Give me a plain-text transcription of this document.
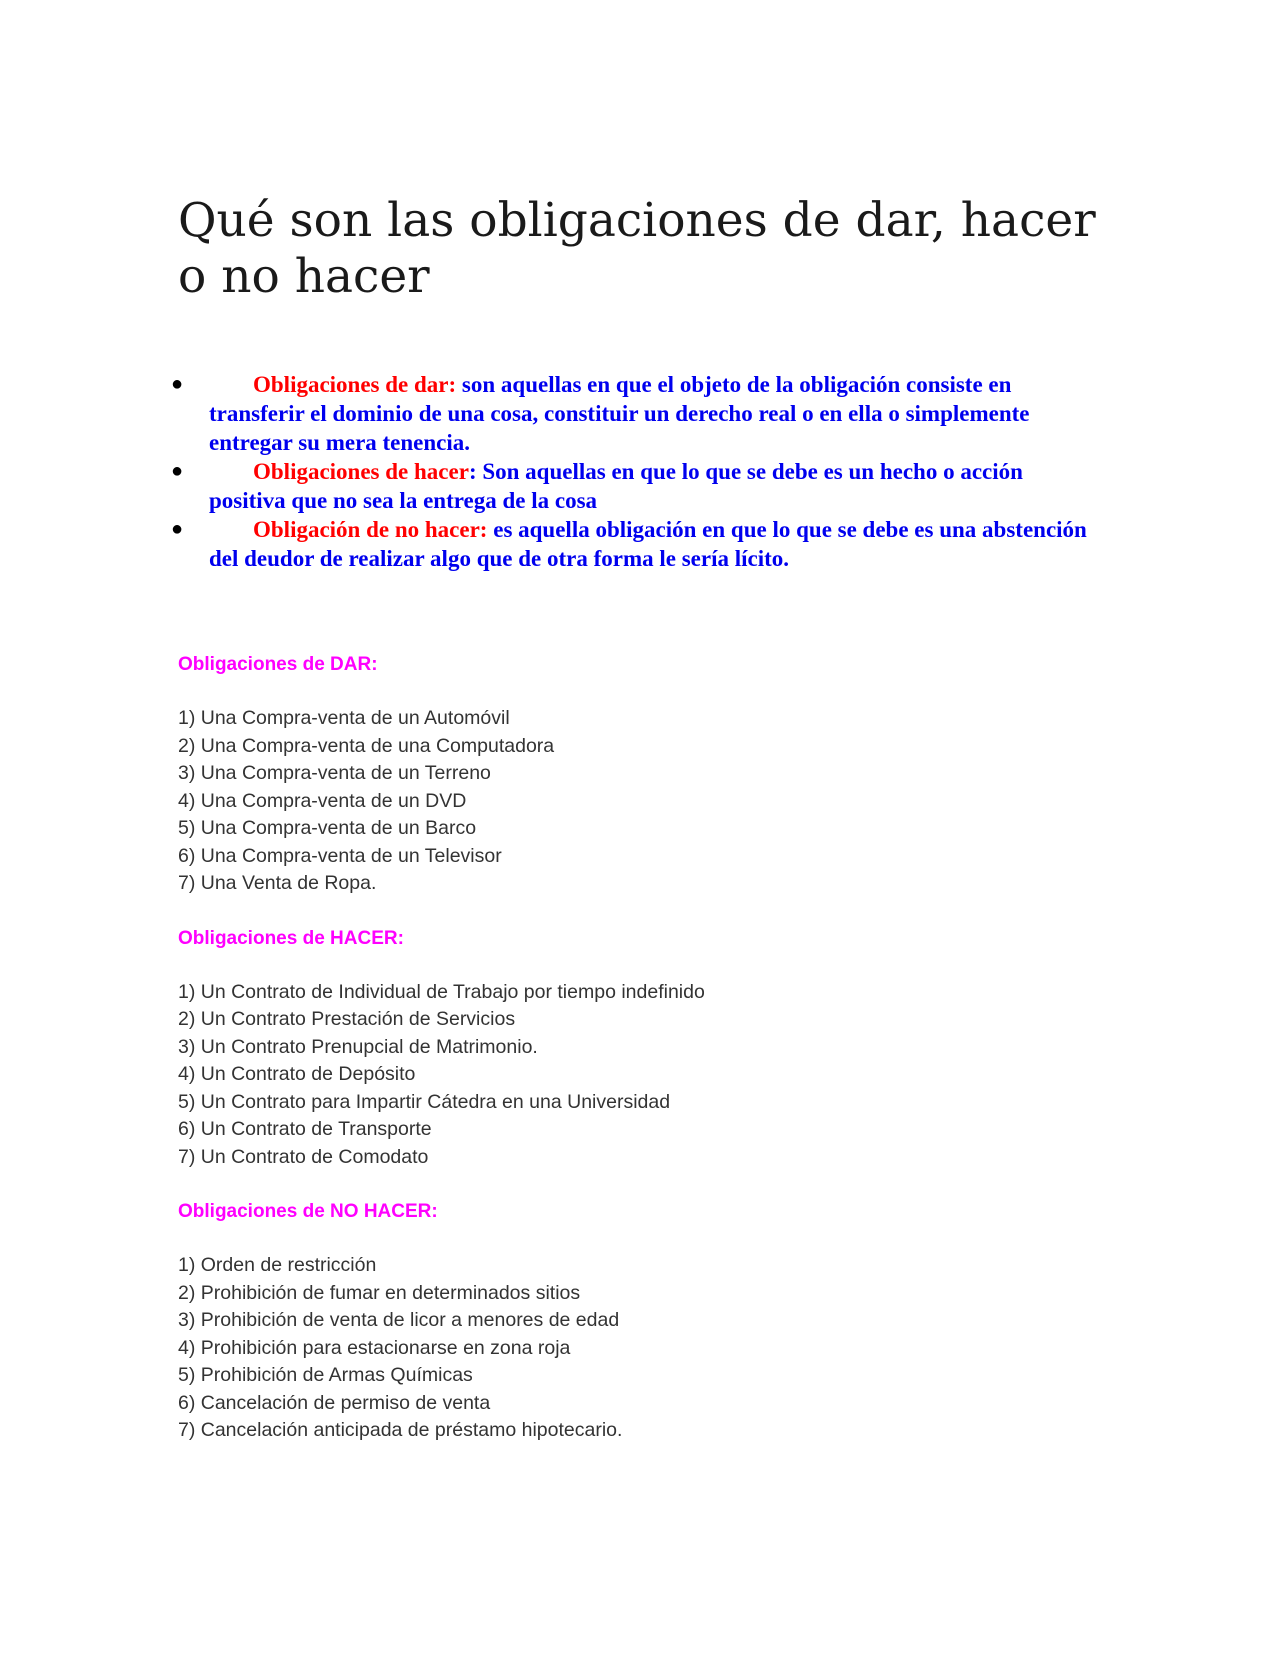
Qué son las obligaciones de dar, hacer o no hacer
●	Obligaciones de dar: son aquellas en que el objeto de la obligación consiste en transferir el dominio de una cosa, constituir un derecho real o en ella o simplemente entregar su mera tenencia.
●	Obligaciones de hacer: Son aquellas en que lo que se debe es un hecho o acción positiva que no sea la entrega de la cosa
●	Obligación de no hacer: es aquella obligación en que lo que se debe es una abstención del deudor de realizar algo que de otra forma le sería lícito.
Obligaciones de DAR:
1) Una Compra-venta de un Automóvil
2) Una Compra-venta de una Computadora
3) Una Compra-venta de un Terreno
4) Una Compra-venta de un DVD
5) Una Compra-venta de un Barco
6) Una Compra-venta de un Televisor
7) Una Venta de Ropa.
Obligaciones de HACER:
1) Un Contrato de Individual de Trabajo por tiempo indefinido
2) Un Contrato Prestación de Servicios
3) Un Contrato Prenupcial de Matrimonio.
4) Un Contrato de Depósito
5) Un Contrato para Impartir Cátedra en una Universidad
6) Un Contrato de Transporte
7) Un Contrato de Comodato
Obligaciones de NO HACER:
1) Orden de restricción
2) Prohibición de fumar en determinados sitios
3) Prohibición de venta de licor a menores de edad
4) Prohibición para estacionarse en zona roja
5) Prohibición de Armas Químicas
6) Cancelación de permiso de venta
7) Cancelación anticipada de préstamo hipotecario.
